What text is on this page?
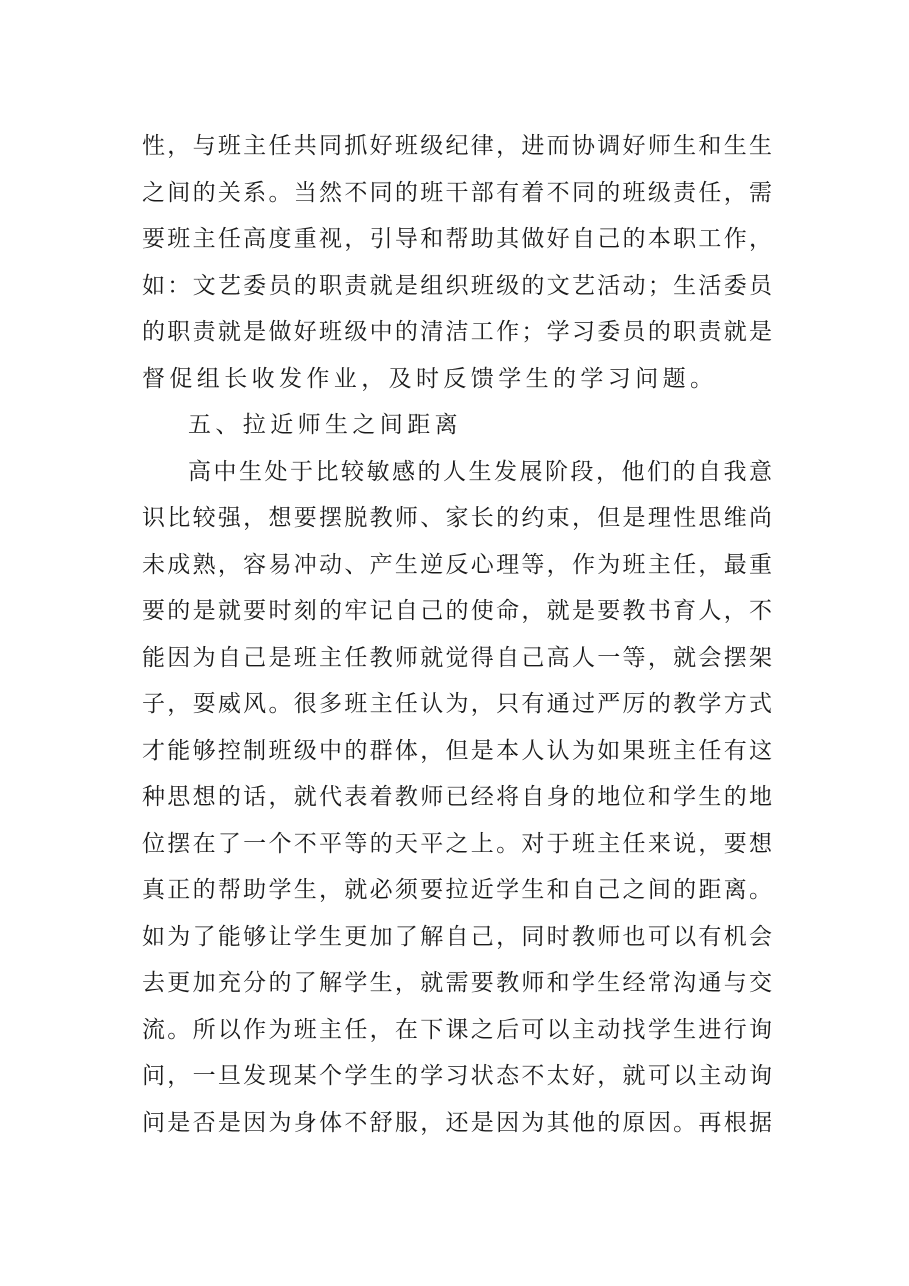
性，与班主任共同抓好班级纪律，进而协调好师生和生生
之间的关系。当然不同的班干部有着不同的班级责任，需
要班主任高度重视，引导和帮助其做好自己的本职工作，
如：文艺委员的职责就是组织班级的文艺活动；生活委员
的职责就是做好班级中的清洁工作；学习委员的职责就是
督促组长收发作业，及时反馈学生的学习问题。
五、拉近师生之间距离
高中生处于比较敏感的人生发展阶段，他们的自我意
识比较强，想要摆脱教师、家长的约束，但是理性思维尚
未成熟，容易冲动、产生逆反心理等，作为班主任，最重
要的是就要时刻的牢记自己的使命，就是要教书育人，不
能因为自己是班主任教师就觉得自己高人一等，就会摆架
子，耍威风。很多班主任认为，只有通过严厉的教学方式
才能够控制班级中的群体，但是本人认为如果班主任有这
种思想的话，就代表着教师已经将自身的地位和学生的地
位摆在了一个不平等的天平之上。对于班主任来说，要想
真正的帮助学生，就必须要拉近学生和自己之间的距离。
如为了能够让学生更加了解自己，同时教师也可以有机会
去更加充分的了解学生，就需要教师和学生经常沟通与交
流。所以作为班主任，在下课之后可以主动找学生进行询
问，一旦发现某个学生的学习状态不太好，就可以主动询
问是否是因为身体不舒服，还是因为其他的原因。再根据
